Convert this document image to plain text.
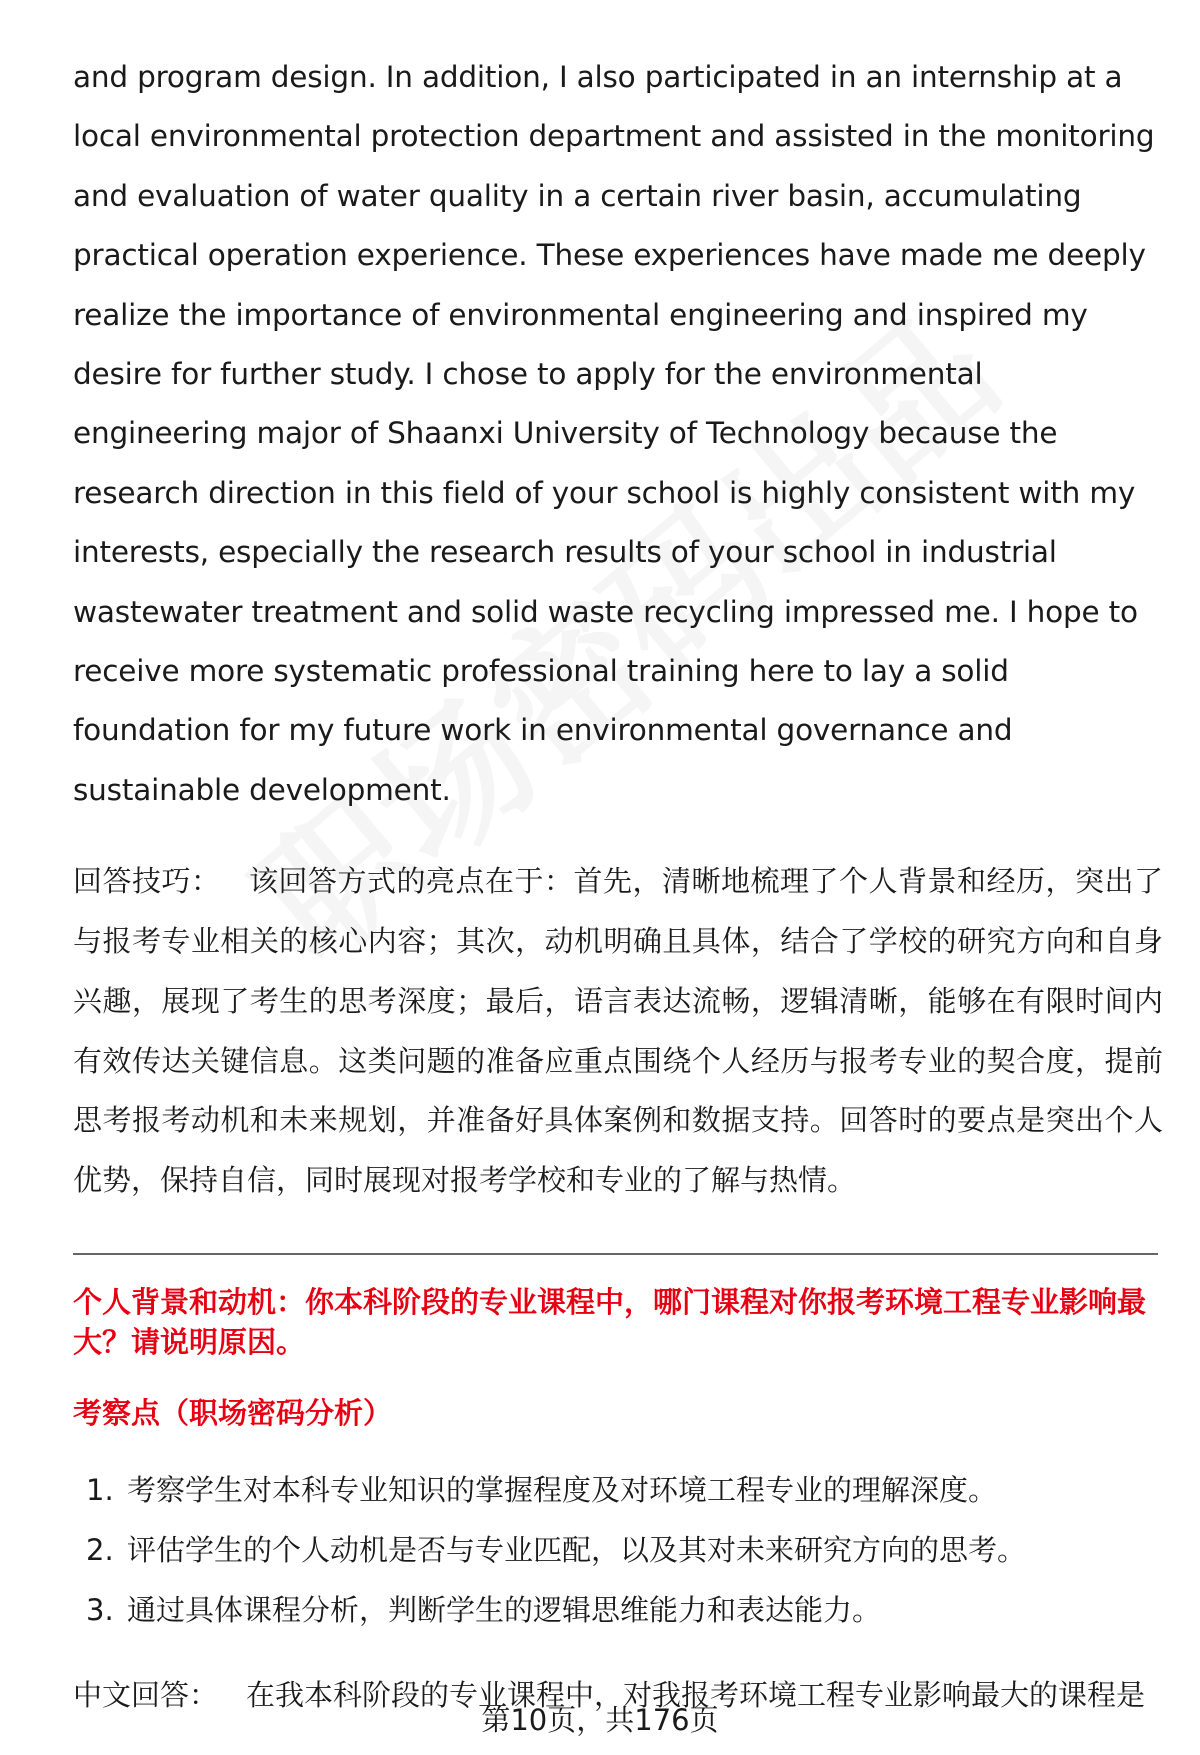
and program design. In addition, I also participated in an internship at a local environmental protection department and assisted in the monitoring and evaluation of water quality in a certain river basin, accumulating practical operation experience. These experiences have made me deeply realize the importance of environmental engineering and inspired my desire for further study. I chose to apply for the environmental engineering major of Shaanxi University of Technology because the research direction in this field of your school is highly consistent with my interests, especially the research results of your school in industrial wastewater treatment and solid waste recycling impressed me. I hope to receive more systematic professional training here to lay a solid foundation for my future work in environmental governance and sustainable development.

回答技巧： 该回答方式的亮点在于：首先，清晰地梳理了个人背景和经历，突出了与报考专业相关的核心内容；其次，动机明确且具体，结合了学校的研究方向和自身兴趣，展现了考生的思考深度；最后，语言表达流畅，逻辑清晰，能够在有限时间内有效传达关键信息。这类问题的准备应重点围绕个人经历与报考专业的契合度，提前思考报考动机和未来规划，并准备好具体案例和数据支持。回答时的要点是突出个人优势，保持自信，同时展现对报考学校和专业的了解与热情。

个人背景和动机：你本科阶段的专业课程中，哪门课程对你报考环境工程专业影响最大？请说明原因。
考察点（职场密码分析）
1. 考察学生对本科专业知识的掌握程度及对环境工程专业的理解深度。
2. 评估学生的个人动机是否与专业匹配，以及其对未来研究方向的思考。
3. 通过具体课程分析，判断学生的逻辑思维能力和表达能力。
中文回答： 在我本科阶段的专业课程中，对我报考环境工程专业影响最大的课程是
第10页，共176页
